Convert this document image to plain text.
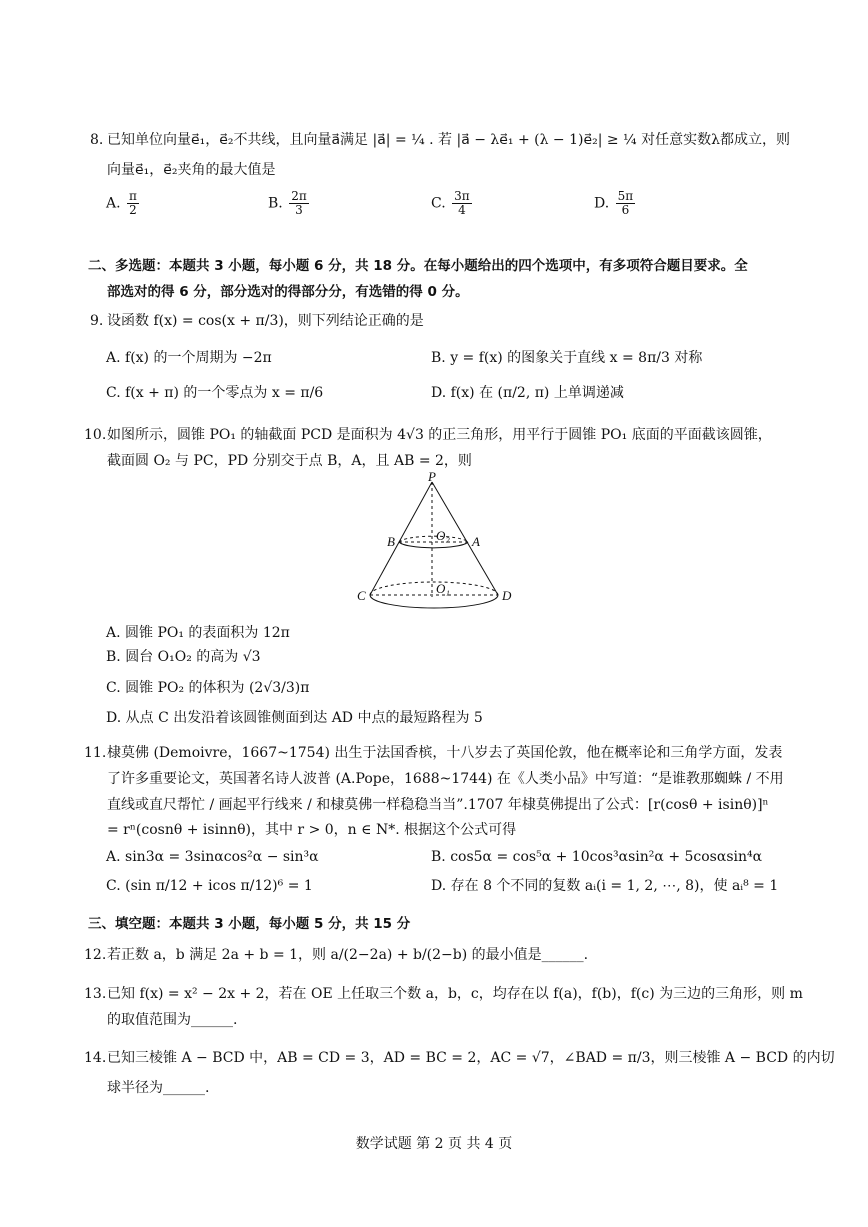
8. 已知单位向量e⃗₁，e⃗₂不共线，且向量a⃗满足 |a⃗| = ¼ . 若 |a⃗ − λe⃗₁ + (λ − 1)e⃗₂| ≥ ¼ 对任意实数λ都成立，则
向量e⃗₁，e⃗₂夹角的最大值是
A. $\frac{\pi}{2}$	B. $\frac{2\pi}{3}$	C. $\frac{3\pi}{4}$	D. $\frac{5\pi}{6}$
二、多选题：本题共 3 小题，每小题 6 分，共 18 分。在每小题给出的四个选项中，有多项符合题目要求。全
部选对的得 6 分，部分选对的得部分分，有选错的得 0 分。
9. 设函数 f(x) = cos(x + π/3)，则下列结论正确的是
A. f(x) 的一个周期为 −2π	B. y = f(x) 的图象关于直线 x = 8π/3 对称
C. f(x + π) 的一个零点为 x = π/6	D. f(x) 在 (π/2, π) 上单调递减
10. 如图所示，圆锥 PO₁ 的轴截面 PCD 是面积为 4√3 的正三角形，用平行于圆锥 PO₁ 底面的平面截该圆锥，
截面圆 O₂ 与 PC，PD 分别交于点 B，A，且 AB = 2，则
P
B	A
O₂
O₁
C	D
A. 圆锥 PO₁ 的表面积为 12π
B. 圆台 O₁O₂ 的高为 √3
C. 圆锥 PO₂ 的体积为 (2√3/3)π
D. 从点 C 出发沿着该圆锥侧面到达 AD 中点的最短路程为 5
11. 棣莫佛 (Demoivre，1667~1754) 出生于法国香槟，十八岁去了英国伦敦，他在概率论和三角学方面，发表
了许多重要论文，英国著名诗人波普 (A.Pope，1688~1744) 在《人类小品》中写道：“是谁教那蜘蛛 / 不用
直线或直尺帮忙 / 画起平行线来 / 和棣莫佛一样稳稳当当”.1707 年棣莫佛提出了公式：[r(cosθ + isinθ)]ⁿ
= rⁿ(cosnθ + isinnθ)，其中 r > 0，n ∈ N*. 根据这个公式可得
A. sin3α = 3sinαcos²α − sin³α	B. cos5α = cos⁵α + 10cos³αsin²α + 5cosαsin⁴α
C. (sin π/12 + icos π/12)⁶ = 1	D. 存在 8 个不同的复数 aᵢ(i = 1, 2, ⋯, 8)，使 aᵢ⁸ = 1
三、填空题：本题共 3 小题，每小题 5 分，共 15 分
12. 若正数 a，b 满足 2a + b = 1，则 a/(2−2a) + b/(2−b) 的最小值是______.
13. 已知 f(x) = x² − 2x + 2，若在 OE 上任取三个数 a，b，c，均存在以 f(a)，f(b)，f(c) 为三边的三角形，则 m
的取值范围为______.
14. 已知三棱锥 A − BCD 中，AB = CD = 3，AD = BC = 2，AC = √7，∠BAD = π/3，则三棱锥 A − BCD 的内切
球半径为______.
数学试题 第 2 页 共 4 页
